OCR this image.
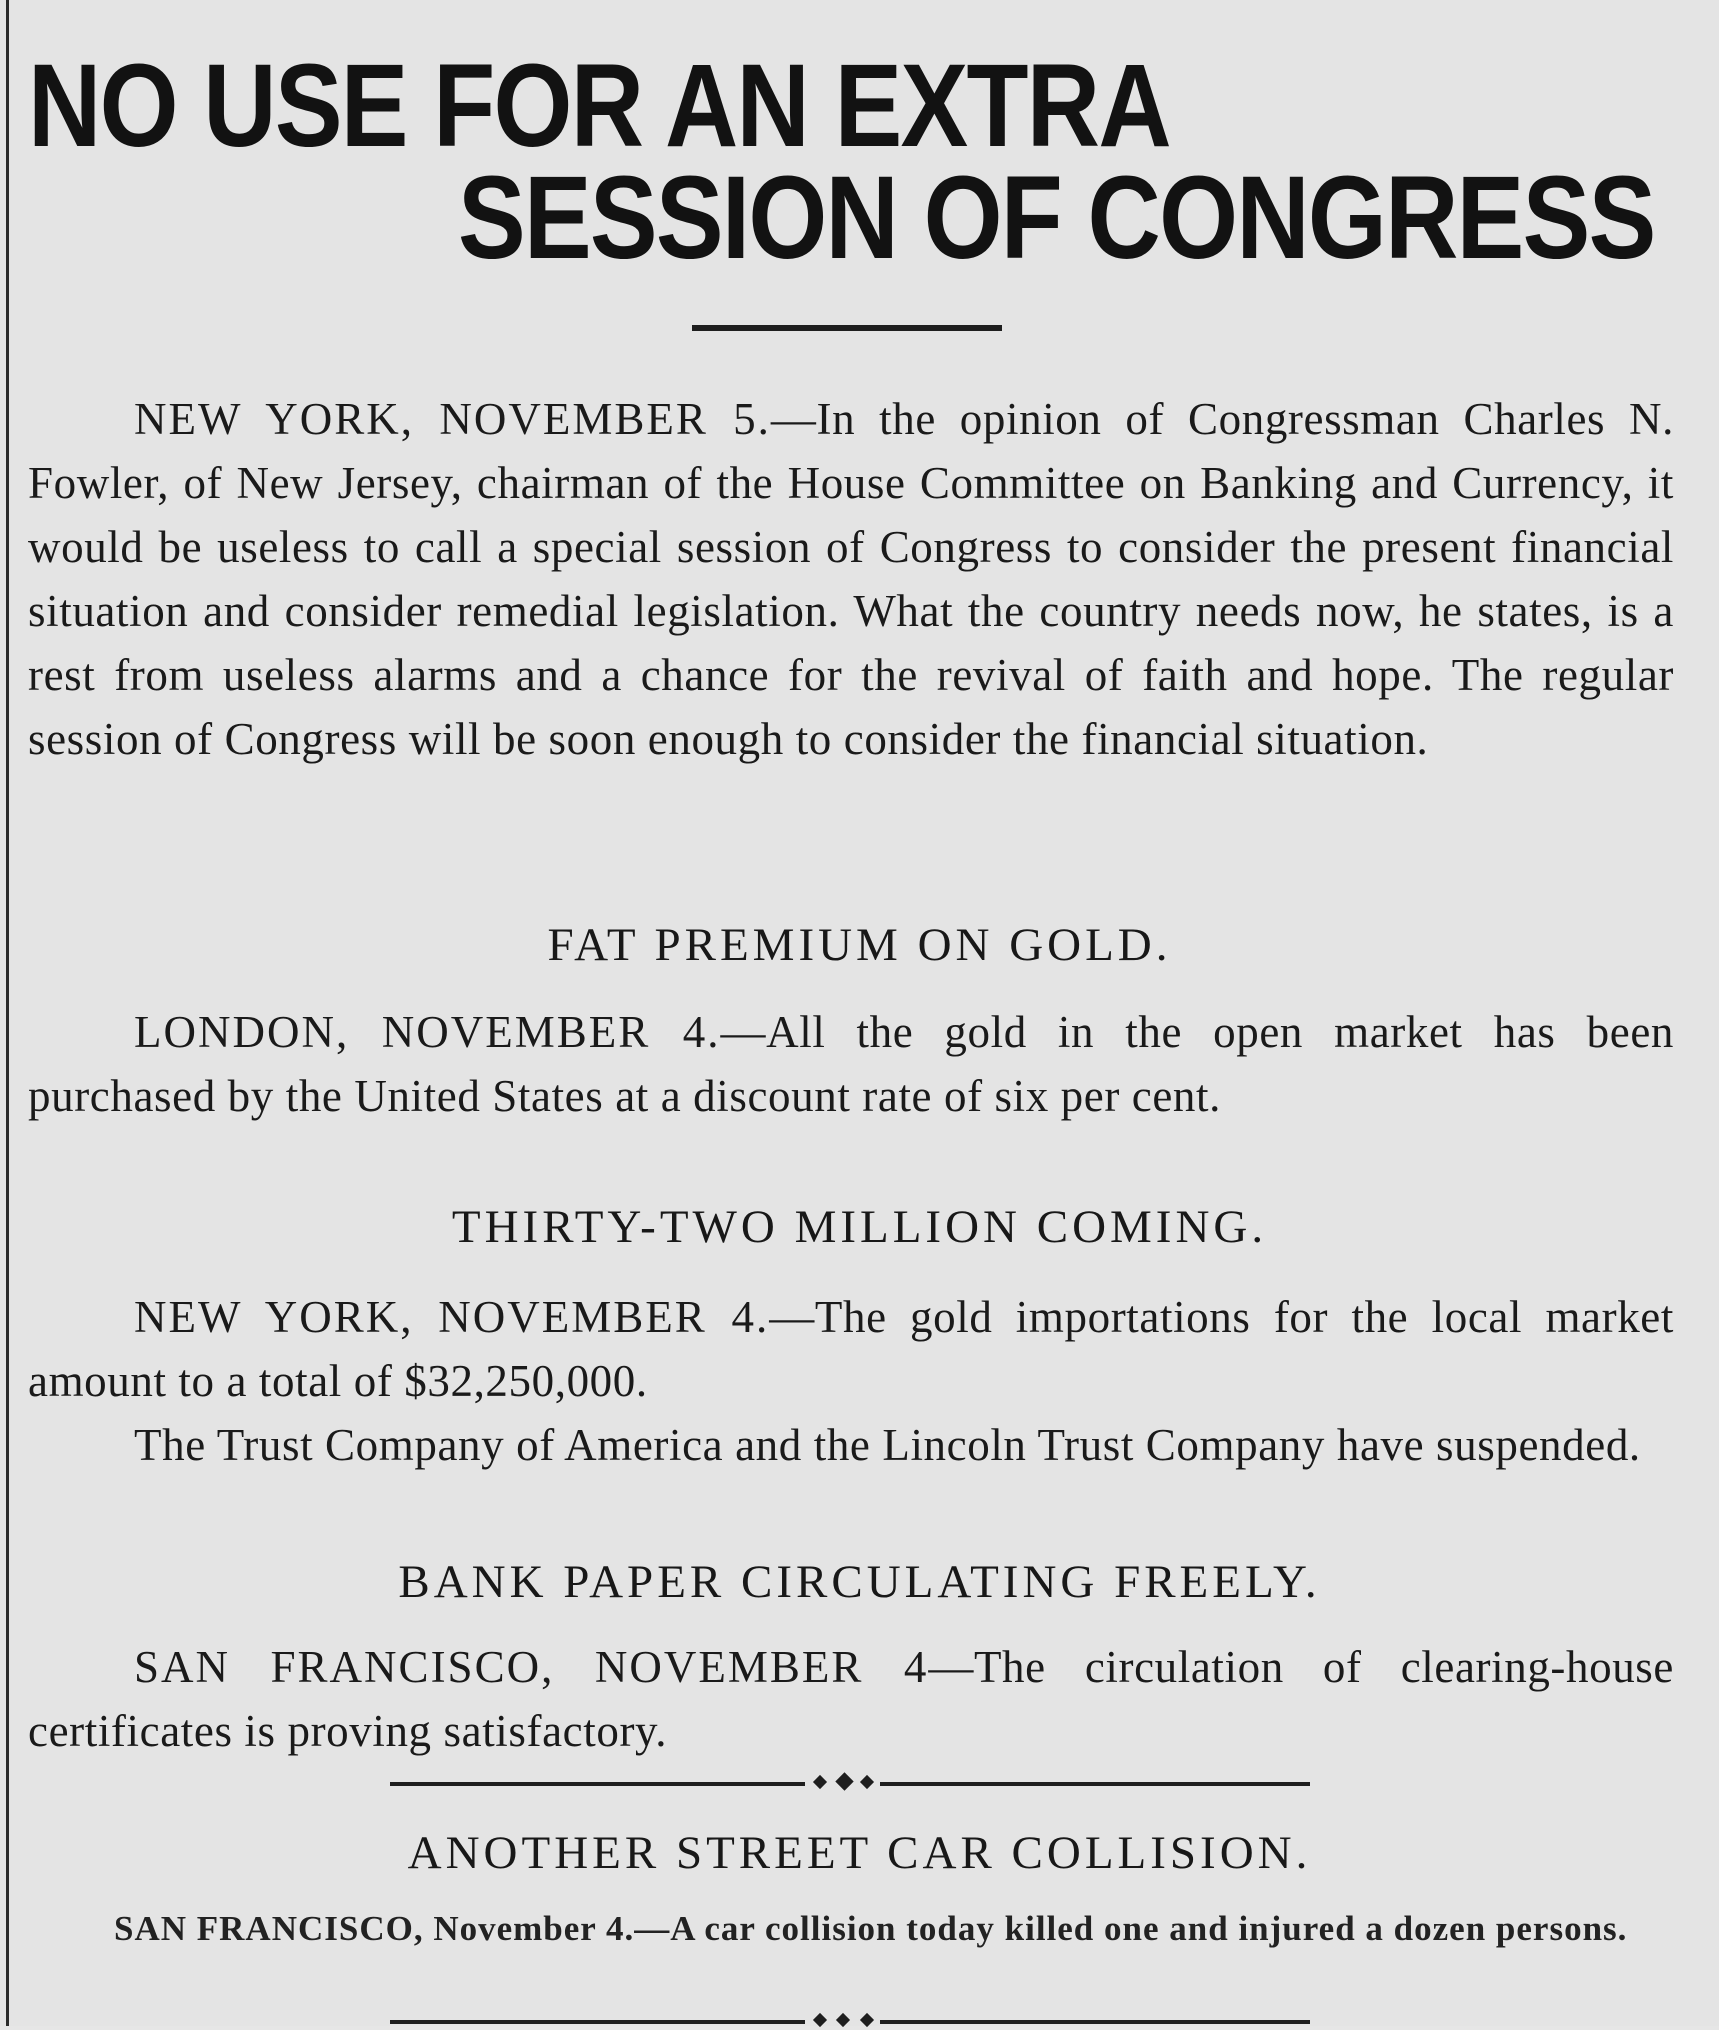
NO USE FOR AN EXTRA
SESSION OF CONGRESS
NEW YORK, NOVEMBER 5.—In the opinion of Congressman Charles N. Fowler, of New Jersey, chairman of the House Committee on Banking and Currency, it would be useless to call a special session of Congress to consider the present financial situation and consider remedial legislation. What the country needs now, he states, is a rest from useless alarms and a chance for the revival of faith and hope. The regular session of Congress will be soon enough to consider the financial situation.
FAT PREMIUM ON GOLD.
LONDON, NOVEMBER 4.—All the gold in the open market has been purchased by the United States at a discount rate of six per cent.
THIRTY-TWO MILLION COMING.
NEW YORK, NOVEMBER 4.—The gold importations for the local market amount to a total of $32,250,000.
The Trust Company of America and the Lincoln Trust Company have suspended.
BANK PAPER CIRCULATING FREELY.
SAN FRANCISCO, NOVEMBER 4—The circulation of clearing-house certificates is proving satisfactory.
ANOTHER STREET CAR COLLISION.
SAN FRANCISCO, November 4.—A car collision today killed one and injured a dozen persons.
